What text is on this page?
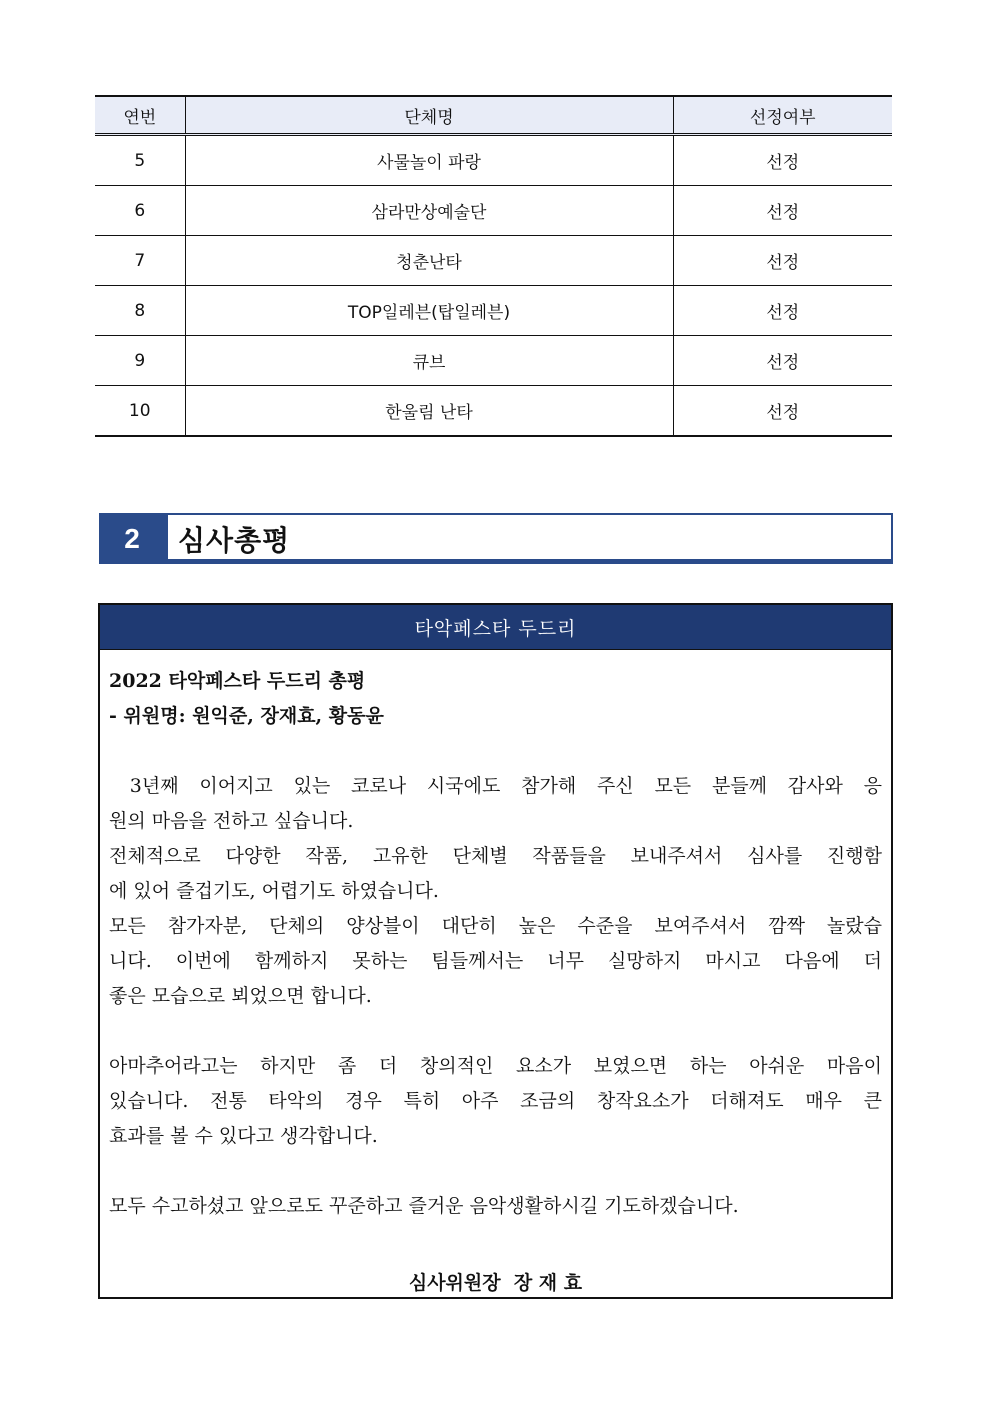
연번	단체명	선정여부
5	사물놀이 파랑	선정
6	삼라만상예술단	선정
7	청춘난타	선정
8	TOP일레븐(탑일레븐)	선정
9	큐브	선정
10	한울림 난타	선정
2	심사총평
타악페스타 두드리
2022 타악페스타 두드리 총평
- 위원명: 원익준, 장재효, 황동윤
3년째 이어지고 있는 코로나 시국에도 참가해 주신 모든 분들께 감사와 응
원의 마음을 전하고 싶습니다.
전체적으로 다양한 작품, 고유한 단체별 작품들을 보내주셔서 심사를 진행함
에 있어 즐겁기도, 어렵기도 하였습니다.
모든 참가자분, 단체의 양상블이 대단히 높은 수준을 보여주셔서 깜짝 놀랐습
니다. 이번에 함께하지 못하는 팀들께서는 너무 실망하지 마시고 다음에 더
좋은 모습으로 뵈었으면 합니다.
아마추어라고는 하지만 좀 더 창의적인 요소가 보였으면 하는 아쉬운 마음이
있습니다. 전통 타악의 경우 특히 아주 조금의 창작요소가 더해져도 매우 큰
효과를 볼 수 있다고 생각합니다.
모두 수고하셨고 앞으로도 꾸준하고 즐거운 음악생활하시길 기도하겠습니다.
심사위원장  장 재 효
